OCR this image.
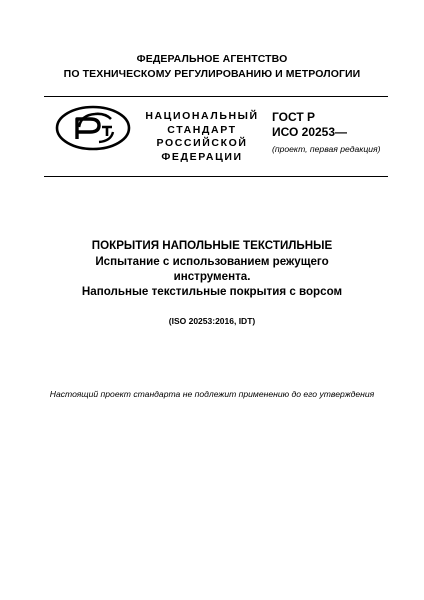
ФЕДЕРАЛЬНОЕ АГЕНТСТВО
ПО ТЕХНИЧЕСКОМУ РЕГУЛИРОВАНИЮ И МЕТРОЛОГИИ
НАЦИОНАЛЬНЫЙ
СТАНДАРТ
РОССИЙСКОЙ
ФЕДЕРАЦИИ
ГОСТ Р
ИСО 20253—
(проект, первая редакция)
ПОКРЫТИЯ НАПОЛЬНЫЕ ТЕКСТИЛЬНЫЕ
Испытание с использованием режущего
инструмента.
Напольные текстильные покрытия с ворсом
(ISO 20253:2016, IDT)
Настоящий проект стандарта не подлежит применению до его утверждения
